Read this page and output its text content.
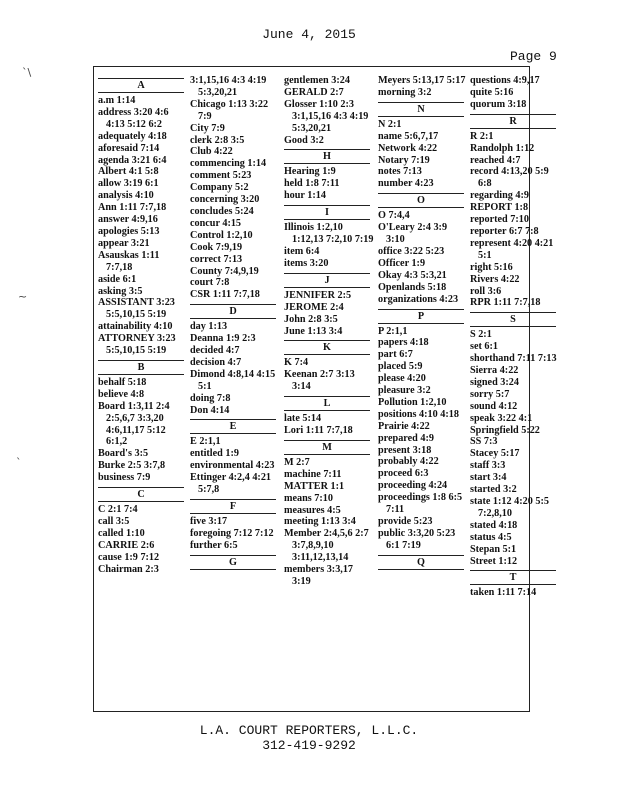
June 4, 2015
Page 9
`\
~
`
A
a.m 1:14
address 3:20 4:6 4:13 5:12 6:2
adequately 4:18
aforesaid 7:14
agenda 3:21 6:4
Albert 4:1 5:8
allow 3:19 6:1
analysis 4:10
Ann 1:11 7:7,18
answer 4:9,16
apologies 5:13
appear 3:21
Asauskas 1:11 7:7,18
aside 6:1
asking 3:5
ASSISTANT 3:23 5:5,10,15 5:19
attainability 4:10
ATTORNEY 3:23 5:5,10,15 5:19
B
behalf 5:18
believe 4:8
Board 1:3,11 2:4 2:5,6,7 3:3,20 4:6,11,17 5:12 6:1,2
Board's 3:5
Burke 2:5 3:7,8
business 7:9
C
C 2:1 7:4
call 3:5
called 1:10
CARRIE 2:6
cause 1:9 7:12
Chairman 2:3
3:1,15,16 4:3 4:19 5:3,20,21
Chicago 1:13 3:22 7:9
City 7:9
clerk 2:8 3:5
Club 4:22
commencing 1:14
comment 5:23
Company 5:2
concerning 3:20
concludes 5:24
concur 4:15
Control 1:2,10
Cook 7:9,19
correct 7:13
County 7:4,9,19
court 7:8
CSR 1:11 7:7,18
D
day 1:13
Deanna 1:9 2:3
decided 4:7
decision 4:7
Dimond 4:8,14 4:15 5:1
doing 7:8
Don 4:14
E
E 2:1,1
entitled 1:9
environmental 4:23
Ettinger 4:2,4 4:21 5:7,8
F
five 3:17
foregoing 7:12 7:12
further 6:5
G
gentlemen 3:24
GERALD 2:7
Glosser 1:10 2:3 3:1,15,16 4:3 4:19 5:3,20,21
Good 3:2
H
Hearing 1:9
held 1:8 7:11
hour 1:14
I
Illinois 1:2,10 1:12,13 7:2,10 7:19
item 6:4
items 3:20
J
JENNIFER 2:5
JEROME 2:4
John 2:8 3:5
June 1:13 3:4
K
K 7:4
Keenan 2:7 3:13 3:14
L
late 5:14
Lori 1:11 7:7,18
M
M 2:7
machine 7:11
MATTER 1:1
means 7:10
measures 4:5
meeting 1:13 3:4
Member 2:4,5,6 2:7 3:7,8,9,10 3:11,12,13,14
members 3:3,17 3:19
Meyers 5:13,17 5:17
morning 3:2
N
N 2:1
name 5:6,7,17
Network 4:22
Notary 7:19
notes 7:13
number 4:23
O
O 7:4,4
O'Leary 2:4 3:9 3:10
office 3:22 5:23
Officer 1:9
Okay 4:3 5:3,21
Openlands 5:18
organizations 4:23
P
P 2:1,1
papers 4:18
part 6:7
placed 5:9
please 4:20
pleasure 3:2
Pollution 1:2,10
positions 4:10 4:18
Prairie 4:22
prepared 4:9
present 3:18
probably 4:22
proceed 6:3
proceeding 4:24
proceedings 1:8 6:5 7:11
provide 5:23
public 3:3,20 5:23 6:1 7:19
Q
questions 4:9,17
quite 5:16
quorum 3:18
R
R 2:1
Randolph 1:12
reached 4:7
record 4:13,20 5:9 6:8
regarding 4:9
REPORT 1:8
reported 7:10
reporter 6:7 7:8
represent 4:20 4:21 5:1
right 5:16
Rivers 4:22
roll 3:6
RPR 1:11 7:7,18
S
S 2:1
set 6:1
shorthand 7:11 7:13
Sierra 4:22
signed 3:24
sorry 5:7
sound 4:12
speak 3:22 4:1
Springfield 5:22
SS 7:3
Stacey 5:17
staff 3:3
start 3:4
started 3:2
state 1:12 4:20 5:5 7:2,8,10
stated 4:18
status 4:5
Stepan 5:1
Street 1:12
T
taken 1:11 7:14
L.A. COURT REPORTERS, L.L.C.
312-419-9292
